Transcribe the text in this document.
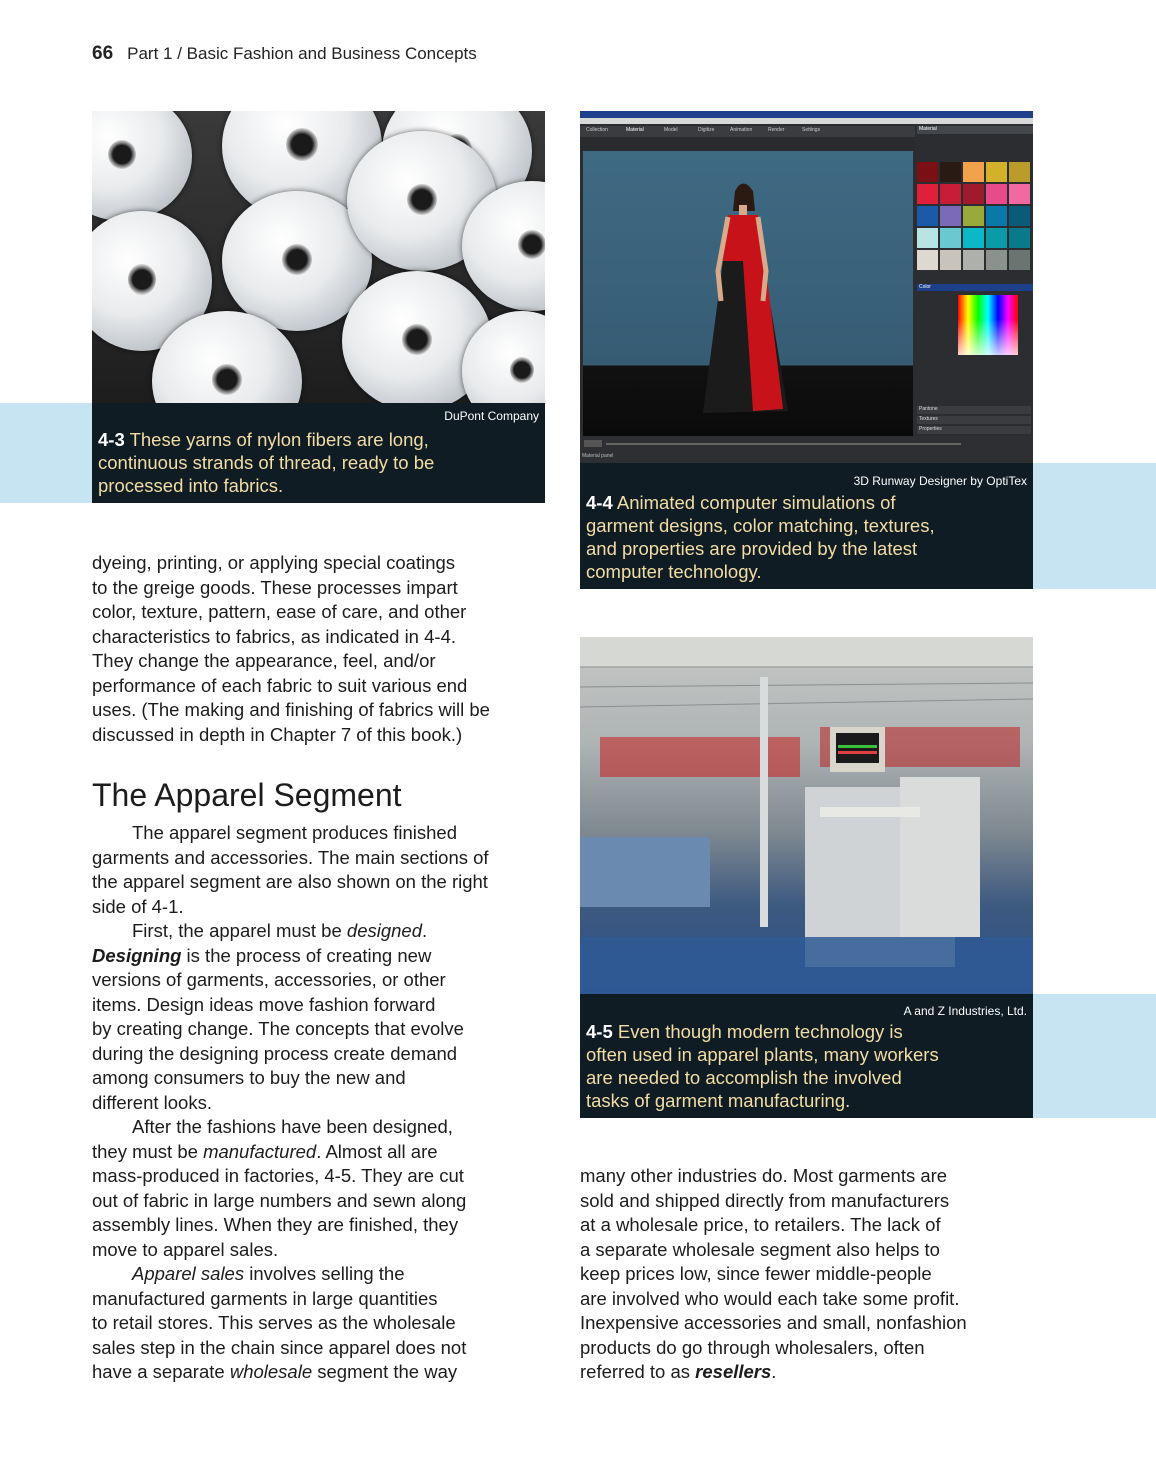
66 Part 1 / Basic Fashion and Business Concepts
DuPont Company
4-3 These yarns of nylon fibers are long,
continuous strands of thread, ready to be
processed into fabrics.
Collection	Material	Model	Digitize	Animation	Render	Settings	Material
Color
Pantone
Textures
Properties
Material panel
3D Runway Designer by OptiTex
4-4 Animated computer simulations of
garment designs, color matching, textures,
and properties are provided by the latest
computer technology.
A and Z Industries, Ltd.
4-5 Even though modern technology is
often used in apparel plants, many workers
are needed to accomplish the involved
tasks of garment manufacturing.

dyeing, printing, or applying special coatings

to the greige goods. These processes impart

color, texture, pattern, ease of care, and other

characteristics to fabrics, as indicated in 4-4.

They change the appearance, feel, and/or

performance of each fabric to suit various end

uses. (The making and finishing of fabrics will be

discussed in depth in Chapter 7 of this book.)

The Apparel Segment

The apparel segment produces finished

garments and accessories. The main sections of

the apparel segment are also shown on the right

side of 4-1.

First, the apparel must be designed.

Designing is the process of creating new

versions of garments, accessories, or other

items. Design ideas move fashion forward

by creating change. The concepts that evolve

during the designing process create demand

among consumers to buy the new and

different looks.

After the fashions have been designed,

they must be manufactured. Almost all are

mass-produced in factories, 4-5. They are cut

out of fabric in large numbers and sewn along

assembly lines. When they are finished, they

move to apparel sales.

Apparel sales involves selling the

manufactured garments in large quantities

to retail stores. This serves as the wholesale

sales step in the chain since apparel does not

have a separate wholesale segment the way

many other industries do. Most garments are

sold and shipped directly from manufacturers

at a wholesale price, to retailers. The lack of

a separate wholesale segment also helps to

keep prices low, since fewer middle-people

are involved who would each take some profit.

Inexpensive accessories and small, nonfashion

products do go through wholesalers, often

referred to as resellers.
